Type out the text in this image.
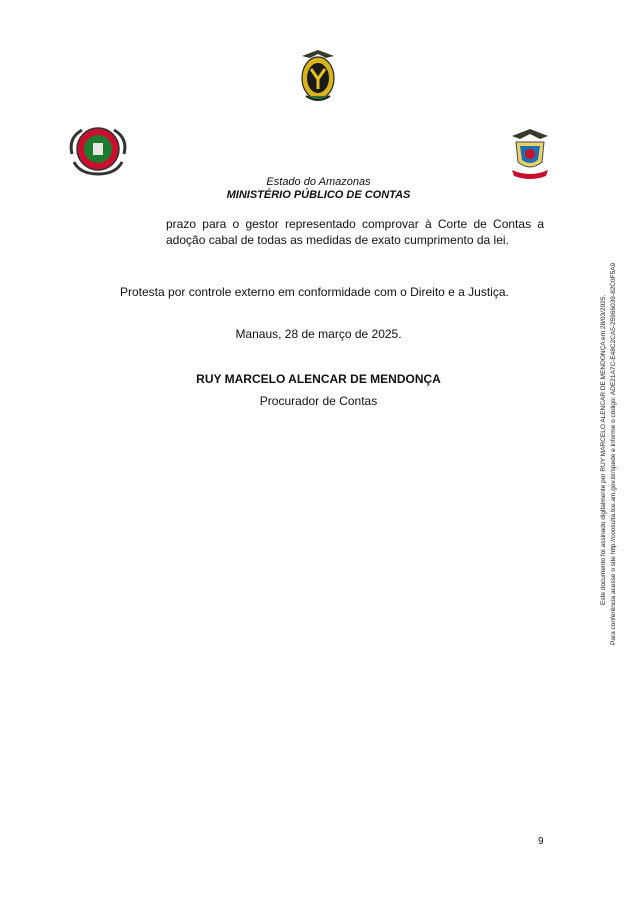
Estado do Amazonas
MINISTÉRIO PÚBLICO DE CONTAS
prazo para o gestor representado comprovar à Corte de Contas a adoção cabal de todas as medidas de exato cumprimento da lei.
Protesta por controle externo em conformidade com o Direito e a Justiça.
Manaus, 28 de março de 2025.
RUY MARCELO ALENCAR DE MENDONÇA
Procurador de Contas
9
Este documento foi assinado digitalmente por RUY MARCELO ALENCAR DE MENDONÇA em 28/03/2025. Para conferência acesse o site http://consulta.tce.am.gov.br/spede e informe o código: ADE21A7C-E48C2CA5-25966039-82C0F5A9
